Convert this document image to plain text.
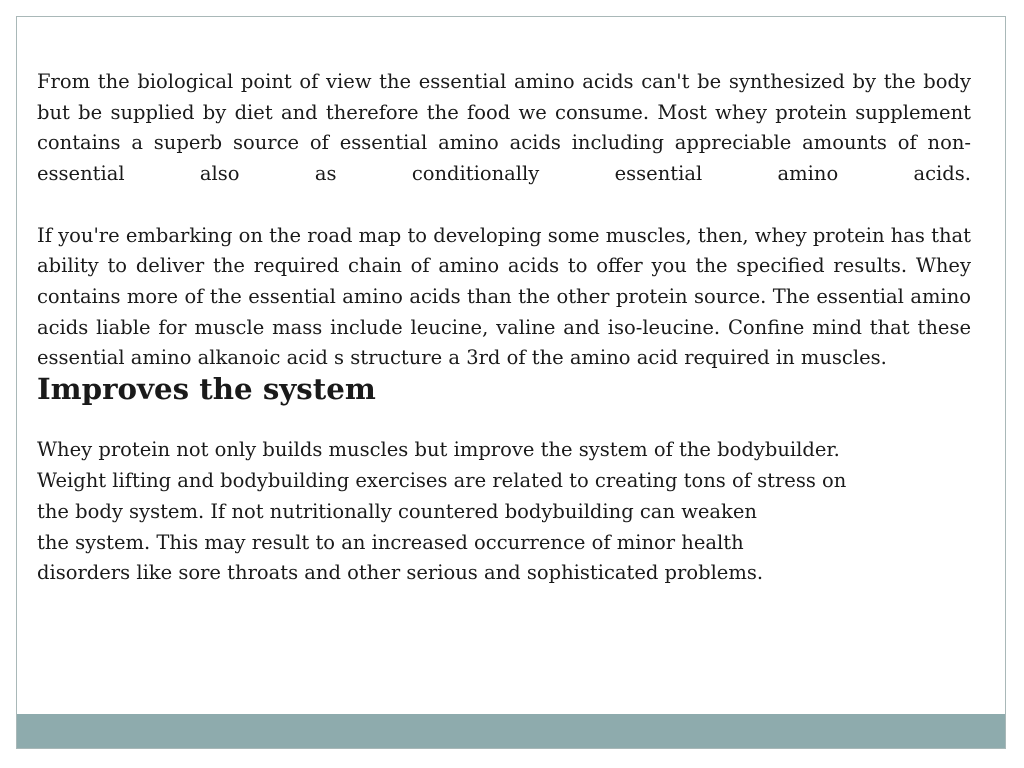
From the biological point of view the essential amino acids can't be synthesized by the body but be supplied by diet and therefore the food we consume. Most whey protein supplement contains a superb source of essential amino acids including appreciable amounts of non-essential also as conditionally essential amino acids.

If you're embarking on the road map to developing some muscles, then, whey protein has that ability to deliver the required chain of amino acids to offer you the specified results. Whey contains more of the essential amino acids than the other protein source. The essential amino acids liable for muscle mass include leucine, valine and iso-leucine. Confine mind that these essential amino alkanoic acid s structure a 3rd of the amino acid required in muscles.

Improves the system
Whey protein not only builds muscles but improve the system of the bodybuilder.
Weight lifting and bodybuilding exercises are related to creating tons of stress on
the body system. If not nutritionally countered bodybuilding can weaken
the system. This may result to an increased occurrence of minor health
disorders like sore throats and other serious and sophisticated problems.
